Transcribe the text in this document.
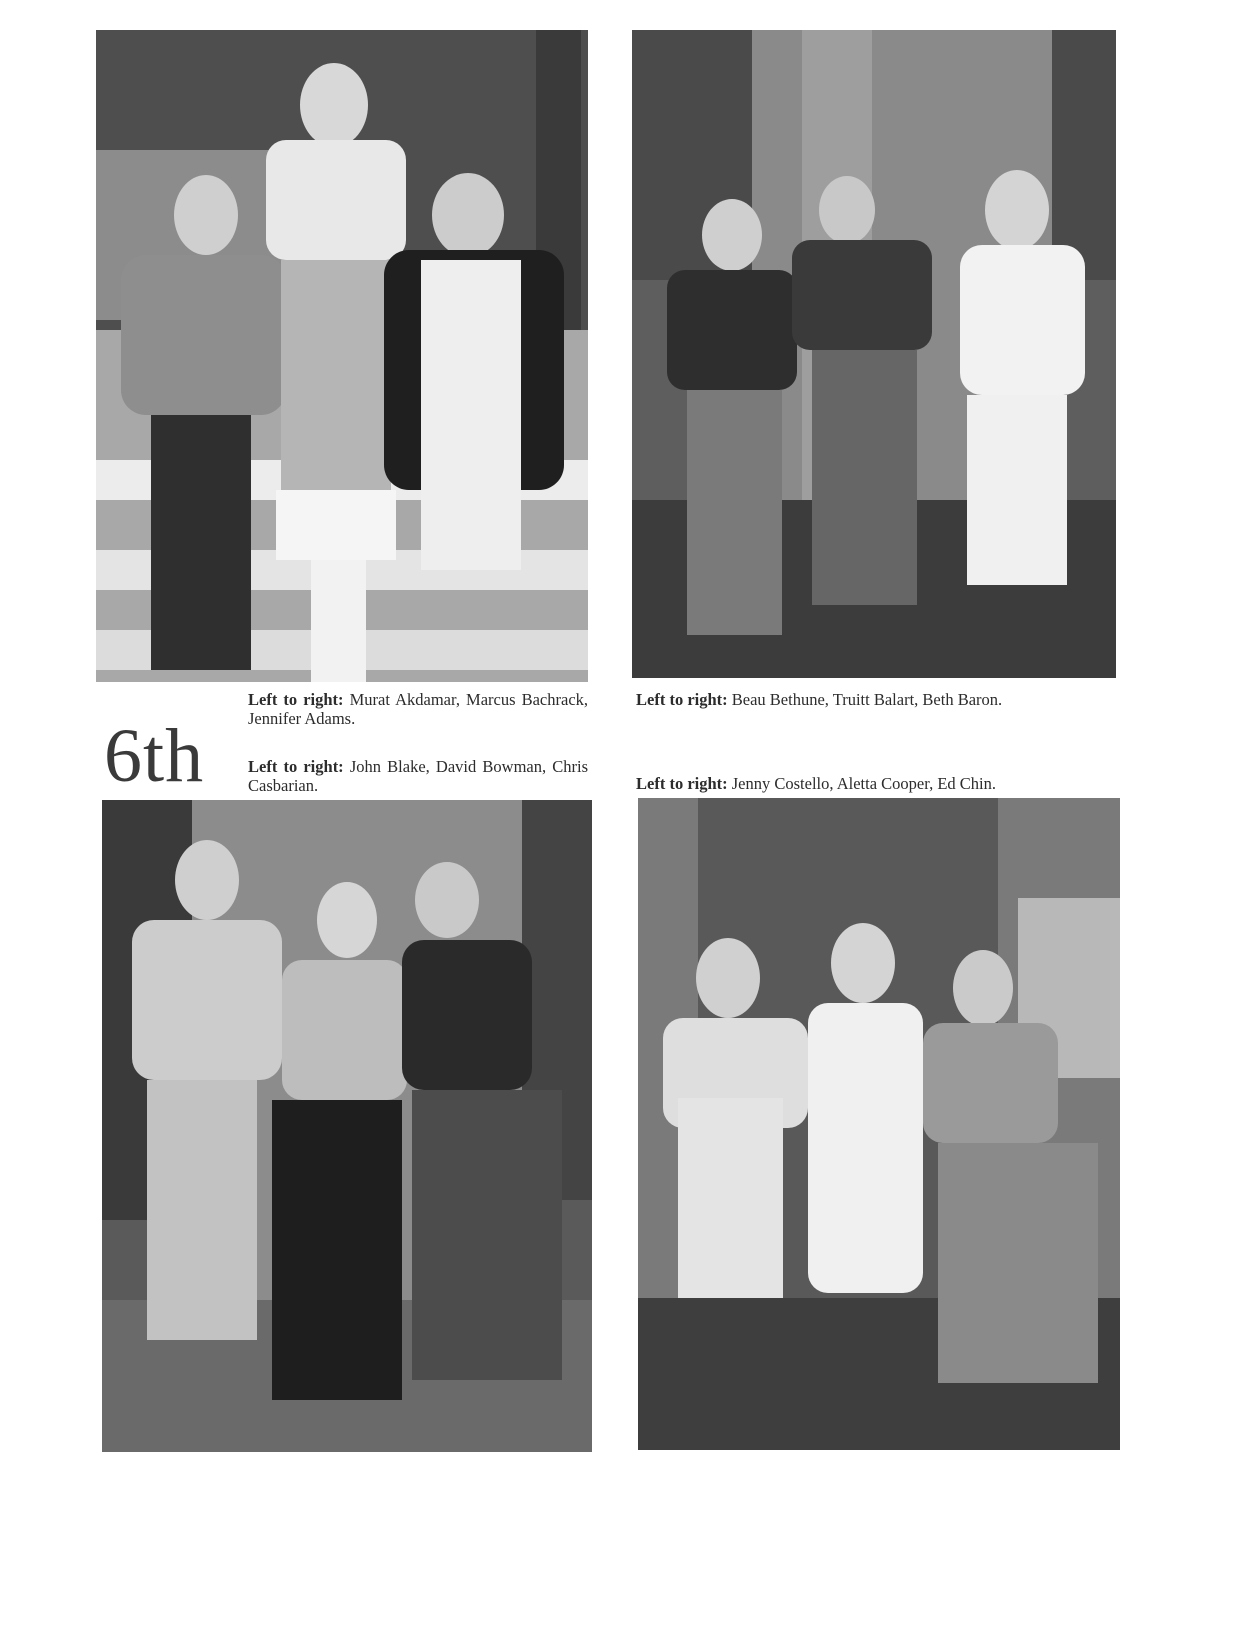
6th
Left to right: Murat Akdamar, Marcus Bachrack, Jennifer Adams.
Left to right: Beau Bethune, Truitt Balart, Beth Baron.
Left to right: John Blake, David Bowman, Chris Casbarian.	Left to right: Jenny Costello, Aletta Cooper, Ed Chin.
